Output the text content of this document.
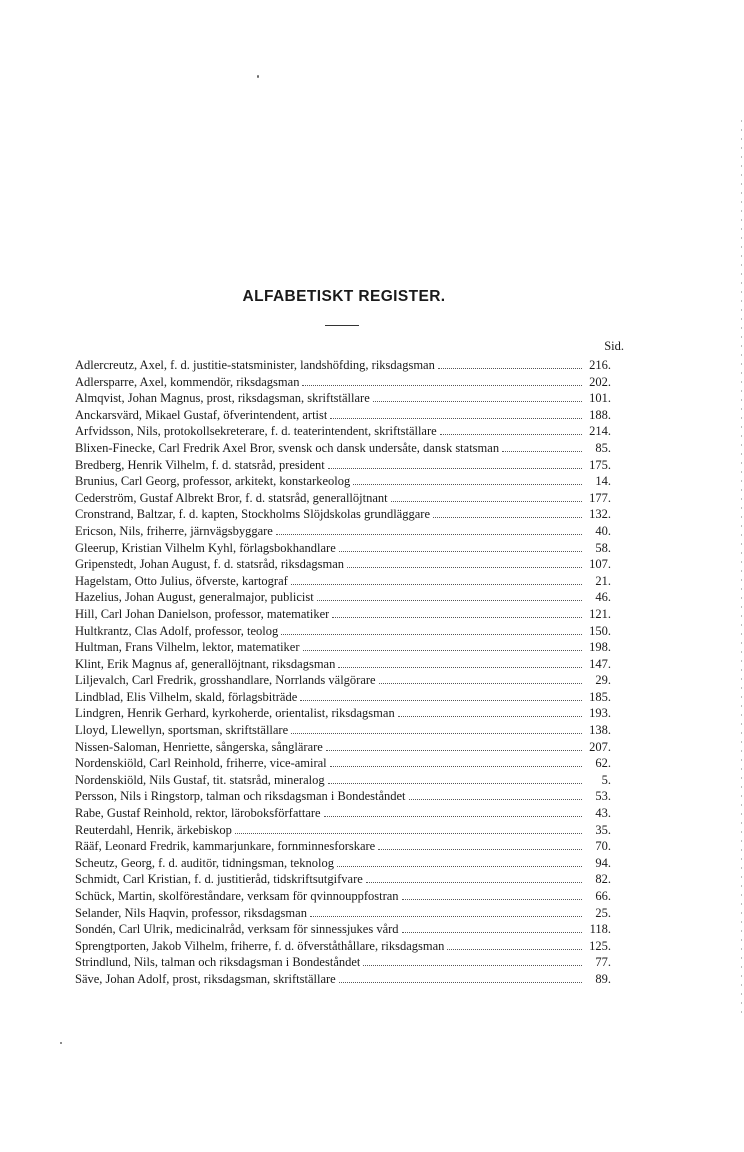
ALFABETISKT REGISTER.
Sid.
Adlercreutz, Axel, f. d. justitie-statsminister, landshöfding, riksdagsman	216.
Adlersparre, Axel, kommendör, riksdagsman	202.
Almqvist, Johan Magnus, prost, riksdagsman, skriftställare	101.
Anckarsvärd, Mikael Gustaf, öfverintendent, artist	188.
Arfvidsson, Nils, protokollsekreterare, f. d. teaterintendent, skriftställare	214.
Blixen-Finecke, Carl Fredrik Axel Bror, svensk och dansk undersåte, dansk statsman	85.
Bredberg, Henrik Vilhelm, f. d. statsråd, president	175.
Brunius, Carl Georg, professor, arkitekt, konstarkeolog	14.
Cederström, Gustaf Albrekt Bror, f. d. statsråd, generallöjtnant	177.
Cronstrand, Baltzar, f. d. kapten, Stockholms Slöjdskolas grundläggare	132.
Ericson, Nils, friherre, järnvägsbyggare	40.
Gleerup, Kristian Vilhelm Kyhl, förlagsbokhandlare	58.
Gripenstedt, Johan August, f. d. statsråd, riksdagsman	107.
Hagelstam, Otto Julius, öfverste, kartograf	21.
Hazelius, Johan August, generalmajor, publicist	46.
Hill, Carl Johan Danielson, professor, matematiker	121.
Hultkrantz, Clas Adolf, professor, teolog	150.
Hultman, Frans Vilhelm, lektor, matematiker	198.
Klint, Erik Magnus af, generallöjtnant, riksdagsman	147.
Liljevalch, Carl Fredrik, grosshandlare, Norrlands välgörare	29.
Lindblad, Elis Vilhelm, skald, förlagsbiträde	185.
Lindgren, Henrik Gerhard, kyrkoherde, orientalist, riksdagsman	193.
Lloyd, Llewellyn, sportsman, skriftställare	138.
Nissen-Saloman, Henriette, sångerska, sånglärare	207.
Nordenskiöld, Carl Reinhold, friherre, vice-amiral	62.
Nordenskiöld, Nils Gustaf, tit. statsråd, mineralog	5.
Persson, Nils i Ringstorp, talman och riksdagsman i Bondeståndet	53.
Rabe, Gustaf Reinhold, rektor, läroboksförfattare	43.
Reuterdahl, Henrik, ärkebiskop	35.
Rääf, Leonard Fredrik, kammarjunkare, fornminnesforskare	70.
Scheutz, Georg, f. d. auditör, tidningsman, teknolog	94.
Schmidt, Carl Kristian, f. d. justitieråd, tidskriftsutgifvare	82.
Schück, Martin, skolföreståndare, verksam för qvinnouppfostran	66.
Selander, Nils Haqvin, professor, riksdagsman	25.
Sondén, Carl Ulrik, medicinalråd, verksam för sinnessjukes vård	118.
Sprengtporten, Jakob Vilhelm, friherre, f. d. öfverståthållare, riksdagsman	125.
Strindlund, Nils, talman och riksdagsman i Bondeståndet	77.
Säve, Johan Adolf, prost, riksdagsman, skriftställare	89.
